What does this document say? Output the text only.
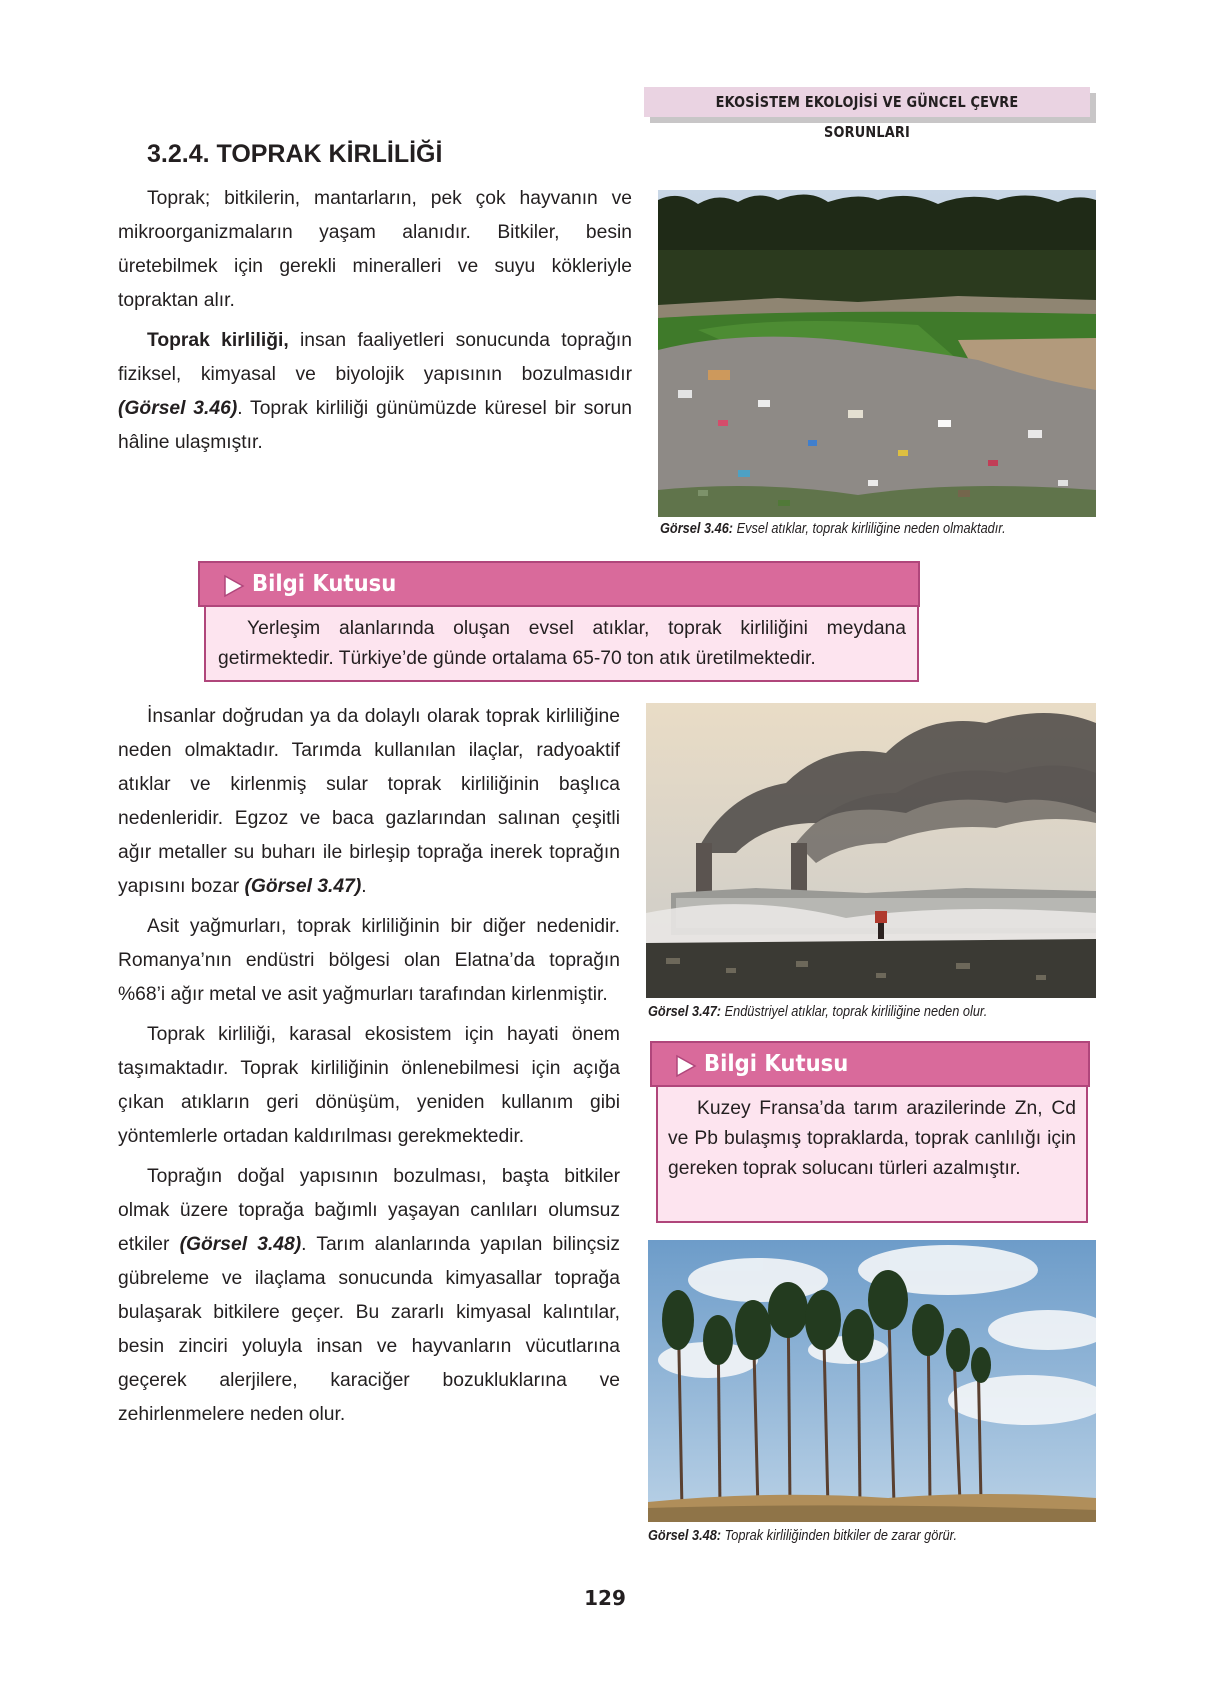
EKOSİSTEM EKOLOJİSİ VE GÜNCEL ÇEVRE SORUNLARI
3.2.4. TOPRAK KİRLİLİĞİ

Toprak; bitkilerin, mantarların, pek çok hayvanın ve mikroorganizmaların yaşam alanıdır. Bitkiler, besin üretebilmek için gerekli mineralleri ve suyu kökleriyle topraktan alır.

Toprak kirliliği, insan faaliyetleri sonucunda toprağın fiziksel, kimyasal ve biyolojik yapısının bozulmasıdır (Görsel 3.46). Toprak kirliliği günümüzde küresel bir sorun hâline ulaşmıştır.

Görsel 3.46: Evsel atıklar, toprak kirliliğine neden olmaktadır.

Yerleşim alanlarında oluşan evsel atıklar, toprak kirliliğini meydana getirmektedir. Türkiye’de günde ortalama 65-70 ton atık üretilmektedir.

Bilgi Kutusu

İnsanlar doğrudan ya da dolaylı olarak toprak kirliliğine neden olmaktadır. Tarımda kullanılan ilaçlar, radyoaktif atıklar ve kirlenmiş sular toprak kirliliğinin başlıca nedenleridir. Egzoz ve baca gazlarından salınan çeşitli ağır metaller su buharı ile birleşip toprağa inerek toprağın yapısını bozar (Görsel 3.47).

Asit yağmurları, toprak kirliliğinin bir diğer nedenidir. Romanya’nın endüstri bölgesi olan Elatna’da toprağın %68’i ağır metal ve asit yağmurları tarafından kirlenmiştir.

Toprak kirliliği, karasal ekosistem için hayati önem taşımaktadır. Toprak kirliliğinin önlenebilmesi için açığa çıkan atıkların geri dönüşüm, yeniden kullanım gibi yöntemlerle ortadan kaldırılması gerekmektedir.

Toprağın doğal yapısının bozulması, başta bitkiler olmak üzere toprağa bağımlı yaşayan canlıları olumsuz etkiler (Görsel 3.48). Tarım alanlarında yapılan bilinçsiz gübreleme ve ilaçlama sonucunda kimyasallar toprağa bulaşarak bitkilere geçer. Bu zararlı kimyasal kalıntılar, besin zinciri yoluyla insan ve hayvanların vücutlarına geçerek alerjilere, karaciğer bozukluklarına ve zehirlenmelere neden olur.

Görsel 3.47: Endüstriyel atıklar, toprak kirliliğine neden olur.

Kuzey Fransa’da tarım arazilerinde Zn, Cd ve Pb bulaşmış topraklarda, toprak canlılığı için gereken toprak solucanı türleri azalmıştır.

Bilgi Kutusu
Görsel 3.48: Toprak kirliliğinden bitkiler de zarar görür.
129
